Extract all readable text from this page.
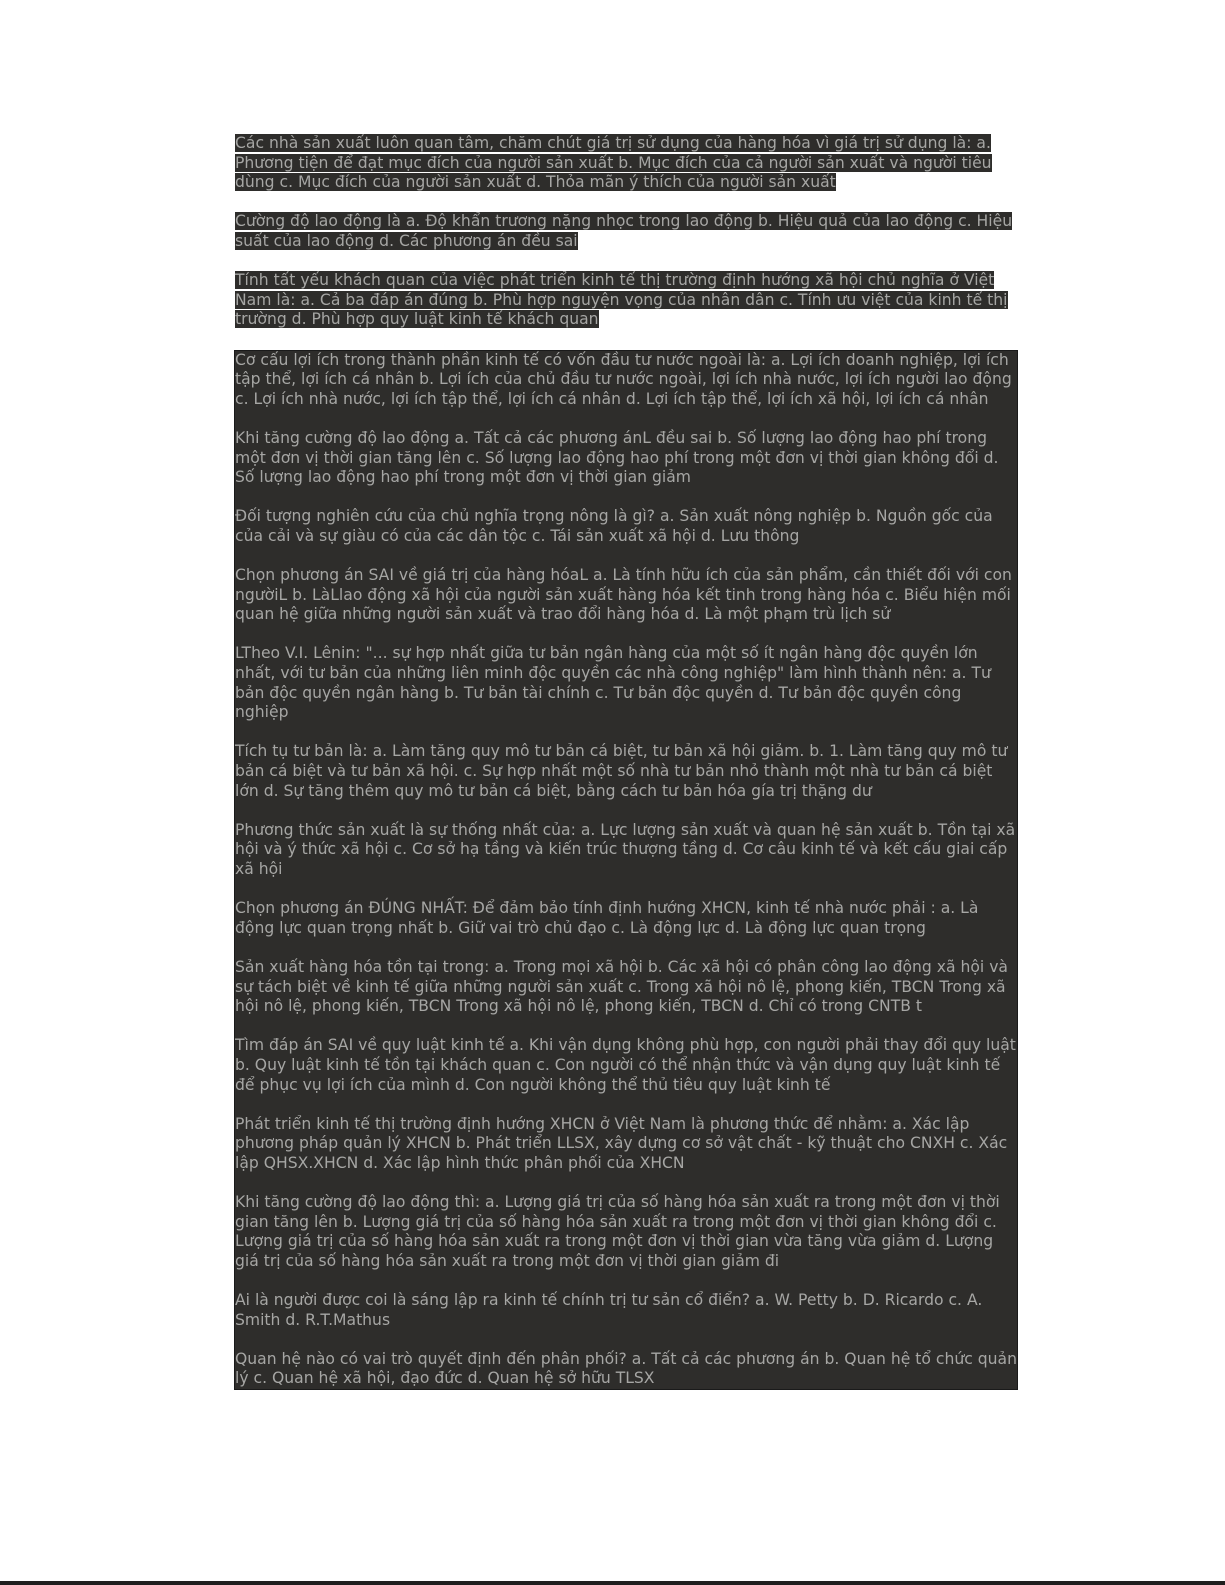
Các nhà sản xuất luôn quan tâm, chăm chút giá trị sử dụng của hàng hóa vì giá trị sử dụng là: a. Phương tiện để đạt mục đích của người sản xuất b. Mục đích của cả người sản xuất và người tiêu dùng c. Mục đích của người sản xuất d. Thỏa mãn ý thích của người sản xuất

Cường độ lao động là a. Độ khẩn trương nặng nhọc trong lao động b. Hiệu quả của lao động c. Hiệu suất của lao động d. Các phương án đều sai

Tính tất yếu khách quan của việc phát triển kinh tế thị trường định hướng xã hội chủ nghĩa ở Việt Nam là: a. Cả ba đáp án đúng b. Phù hợp nguyện vọng của nhân dân c. Tính ưu việt của kinh tế thị trường d. Phù hợp quy luật kinh tế khách quan

Cơ cấu lợi ích trong thành phần kinh tế có vốn đầu tư nước ngoài là: a. Lợi ích doanh nghiệp, lợi ích tập thể, lợi ích cá nhân b. Lợi ích của chủ đầu tư nước ngoài, lợi ích nhà nước, lợi ích người lao động c. Lợi ích nhà nước, lợi ích tập thể, lợi ích cá nhân d. Lợi ích tập thể, lợi ích xã hội, lợi ích cá nhân

Khi tăng cường độ lao động a. Tất cả các phương ánL đều sai b. Số lượng lao động hao phí trong một đơn vị thời gian tăng lên c. Số lượng lao động hao phí trong một đơn vị thời gian không đổi d. Số lượng lao động hao phí trong một đơn vị thời gian giảm

Đối tượng nghiên cứu của chủ nghĩa trọng nông là gì? a. Sản xuất nông nghiệp b. Nguồn gốc của của cải và sự giàu có của các dân tộc c. Tái sản xuất xã hội d. Lưu thông

Chọn phương án SAI về giá trị của hàng hóaL a. Là tính hữu ích của sản phẩm, cần thiết đối với con ngườiL b. LàLlao động xã hội của người sản xuất hàng hóa kết tinh trong hàng hóa c. Biểu hiện mối quan hệ giữa những người sản xuất và trao đổi hàng hóa d. Là một phạm trù lịch sử

LTheo V.I. Lênin: "... sự hợp nhất giữa tư bản ngân hàng của một số ít ngân hàng độc quyền lớn nhất, với tư bản của những liên minh độc quyền các nhà công nghiệp" làm hình thành nên: a. Tư bản độc quyền ngân hàng b. Tư bản tài chính c. Tư bản độc quyền d. Tư bản độc quyền công nghiệp

Tích tụ tư bản là: a. Làm tăng quy mô tư bản cá biệt, tư bản xã hội giảm. b. 1. Làm tăng quy mô tư bản cá biệt và tư bản xã hội. c. Sự hợp nhất một số nhà tư bản nhỏ thành một nhà tư bản cá biệt lớn d. Sự tăng thêm quy mô tư bản cá biệt, bằng cách tư bản hóa gía trị thặng dư

Phương thức sản xuất là sự thống nhất của: a. Lực lượng sản xuất và quan hệ sản xuất b. Tồn tại xã hội và ý thức xã hội c. Cơ sở hạ tầng và kiến trúc thượng tầng d. Cơ câu kinh tế và kết cấu giai cấp xã hội

Chọn phương án ĐÚNG NHẤT: Để đảm bảo tính định hướng XHCN, kinh tế nhà nước phải : a. Là động lực quan trọng nhất b. Giữ vai trò chủ đạo c. Là động lực d. Là động lực quan trọng

Sản xuất hàng hóa tồn tại trong: a. Trong mọi xã hội b. Các xã hội có phân công lao động xã hội và sự tách biệt về kinh tế giữa những người sản xuất c. Trong xã hội nô lệ, phong kiến, TBCN Trong xã hội nô lệ, phong kiến, TBCN Trong xã hội nô lệ, phong kiến, TBCN d. Chỉ có trong CNTB t

Tìm đáp án SAI về quy luật kinh tế a. Khi vận dụng không phù hợp, con người phải thay đổi quy luật b. Quy luật kinh tế tồn tại khách quan c. Con người có thể nhận thức và vận dụng quy luật kinh tế để phục vụ lợi ích của mình d. Con người không thể thủ tiêu quy luật kinh tế

Phát triển kinh tế thị trường định hướng XHCN ở Việt Nam là phương thức để nhằm: a. Xác lập phương pháp quản lý XHCN b. Phát triển LLSX, xây dựng cơ sở vật chất - kỹ thuật cho CNXH c. Xác lập QHSX.XHCN d. Xác lập hình thức phân phối của XHCN

Khi tăng cường độ lao động thì: a. Lượng giá trị của số hàng hóa sản xuất ra trong một đơn vị thời gian tăng lên b. Lượng giá trị của số hàng hóa sản xuất ra trong một đơn vị thời gian không đổi c. Lượng giá trị của số hàng hóa sản xuất ra trong một đơn vị thời gian vừa tăng vừa giảm d. Lượng giá trị của số hàng hóa sản xuất ra trong một đơn vị thời gian giảm đi

Ai là người được coi là sáng lập ra kinh tế chính trị tư sản cổ điển? a. W. Petty b. D. Ricardo c. A. Smith d. R.T.Mathus

Quan hệ nào có vai trò quyết định đến phân phối? a. Tất cả các phương án b. Quan hệ tổ chức quản lý c. Quan hệ xã hội, đạo đức d. Quan hệ sở hữu TLSX
